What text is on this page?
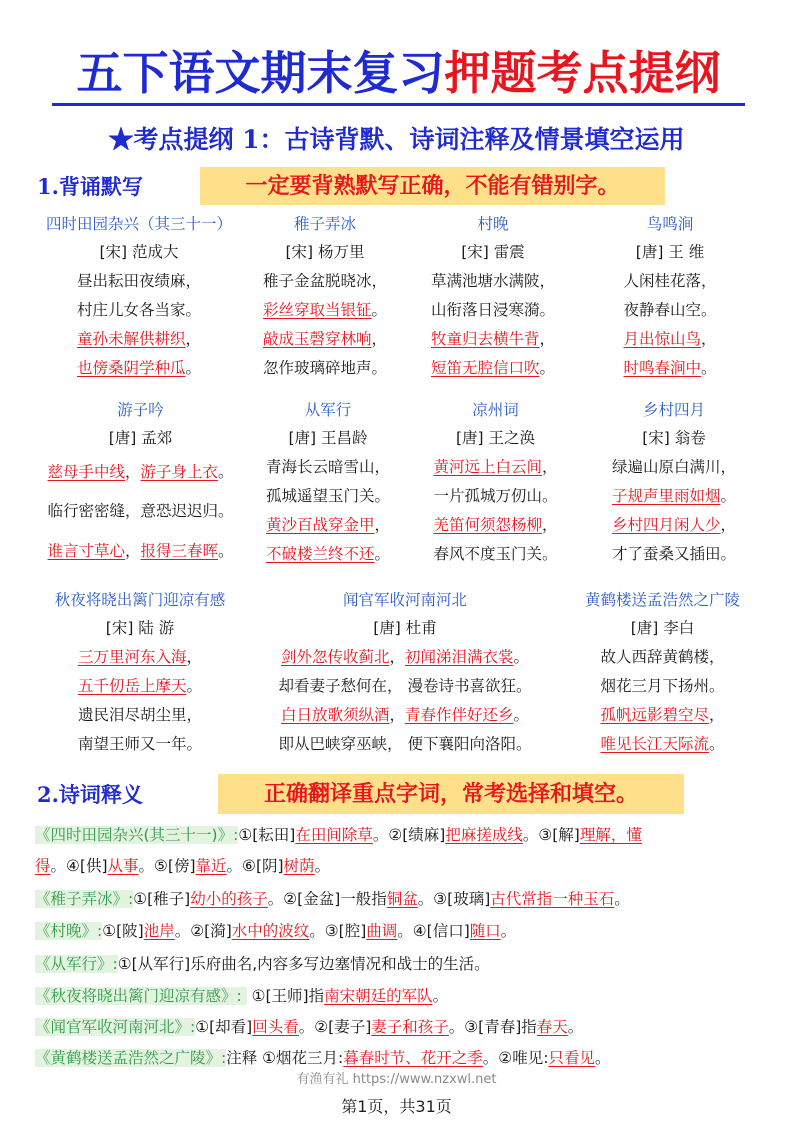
五下语文期末复习押题考点提纲
★考点提纲 1：古诗背默、诗词注释及情景填空运用
1.背诵默写	一定要背熟默写正确，不能有错别字。
四时田园杂兴（其三十一）
[宋] 范成大
昼出耘田夜绩麻，
村庄儿女各当家。
童孙未解供耕织，
也傍桑阴学种瓜。
稚子弄冰
[宋] 杨万里
稚子金盆脱晓冰，
彩丝穿取当银钲。
敲成玉磬穿林响，
忽作玻璃碎地声。
村晚
[宋] 雷震
草满池塘水满陂，
山衔落日浸寒漪。
牧童归去横牛背，
短笛无腔信口吹。
鸟鸣涧
[唐] 王 维
人闲桂花落，
夜静春山空。
月出惊山鸟，
时鸣春涧中。
游子吟
[唐] 孟郊
慈母手中线，游子身上衣。
临行密密缝，意恐迟迟归。
谁言寸草心，报得三春晖。
从军行
[唐] 王昌龄
青海长云暗雪山，
孤城遥望玉门关。
黄沙百战穿金甲，
不破楼兰终不还。
凉州词
[唐] 王之涣
黄河远上白云间，
一片孤城万仞山。
羌笛何须怨杨柳，
春风不度玉门关。
乡村四月
[宋] 翁卷
绿遍山原白满川，
子规声里雨如烟。
乡村四月闲人少，
才了蚕桑又插田。
秋夜将晓出篱门迎凉有感
[宋] 陆 游
三万里河东入海，
五千仞岳上摩天。
遗民泪尽胡尘里，
南望王师又一年。
闻官军收河南河北
[唐] 杜甫
剑外忽传收蓟北，初闻涕泪满衣裳。
却看妻子愁何在， 漫卷诗书喜欲狂。
白日放歌须纵酒，青春作伴好还乡。
即从巴峡穿巫峡， 便下襄阳向洛阳。
黄鹤楼送孟浩然之广陵
[唐] 李白
故人西辞黄鹤楼，
烟花三月下扬州。
孤帆远影碧空尽，
唯见长江天际流。
2.诗词释义	正确翻译重点字词，常考选择和填空。
《四时田园杂兴(其三十一)》:①[耘田]在田间除草。②[绩麻]把麻搓成线。③[解]理解，懂
得。④[供]从事。⑤[傍]靠近。⑥[阴]树荫。
《稚子弄冰》:①[稚子]幼小的孩子。②[金盆]一般指铜盆。③[玻璃]古代常指一种玉石。
《村晚》:①[陂]池岸。②[漪]水中的波纹。③[腔]曲调。④[信口]随口。
《从军行》:①[从军行]乐府曲名,内容多写边塞情况和战士的生活。
《秋夜将晓出篱门迎凉有感》: ①[王师]指南宋朝廷的军队。
《闻官军收河南河北》:①[却看]回头看。②[妻子]妻子和孩子。③[青春]指春天。
《黄鹤楼送孟浩然之广陵》:注释 ①烟花三月:暮春时节、花开之季。②唯见:只看见。
有渔有礼 https://www.nzxwl.net
第1页，共31页
